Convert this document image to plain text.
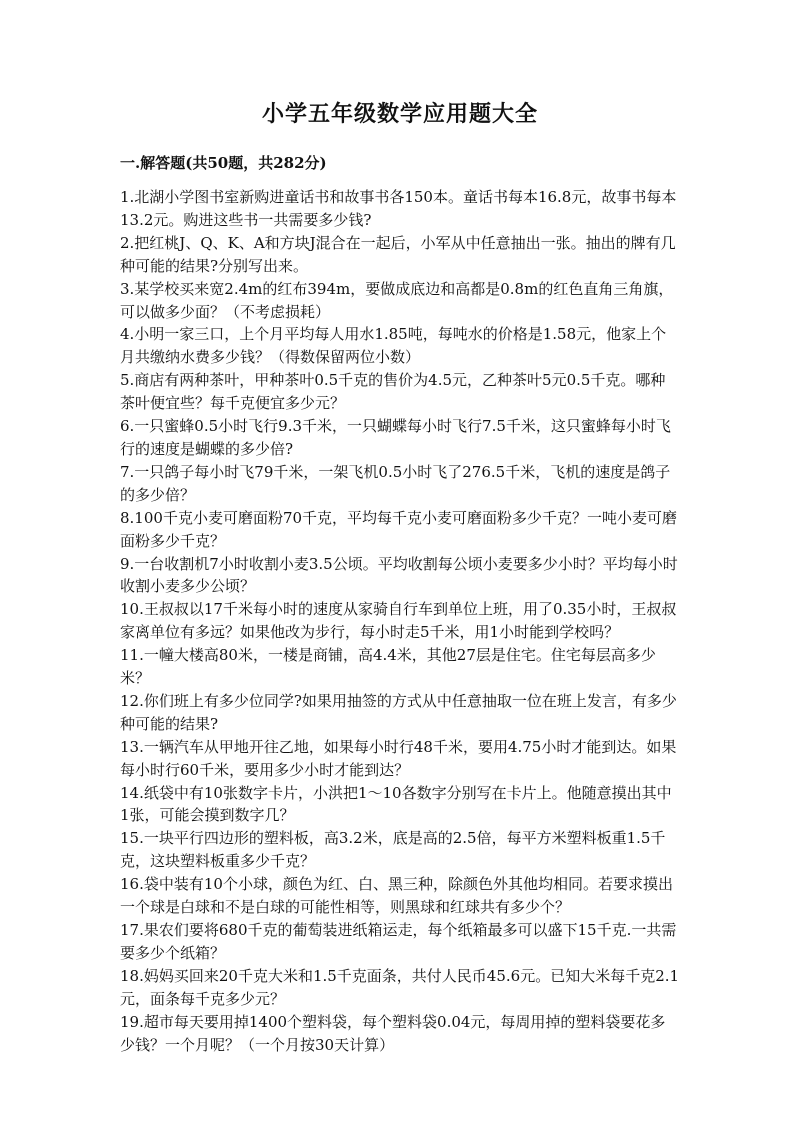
小学五年级数学应用题大全
一.解答题(共50题，共282分)
1.北湖小学图书室新购进童话书和故事书各150本。童话书每本16.8元，故事书每本13.2元。购进这些书一共需要多少钱?
2.把红桃J、Q、K、A和方块J混合在一起后，小军从中任意抽出一张。抽出的牌有几种可能的结果?分别写出来。
3.某学校买来宽2.4m的红布394m，要做成底边和高都是0.8m的红色直角三角旗，可以做多少面？（不考虑损耗）
4.小明一家三口，上个月平均每人用水1.85吨，每吨水的价格是1.58元，他家上个月共缴纳水费多少钱？（得数保留两位小数）
5.商店有两种茶叶，甲种茶叶0.5千克的售价为4.5元，乙种茶叶5元0.5千克。哪种茶叶便宜些？每千克便宜多少元？
6.一只蜜蜂0.5小时飞行9.3千米，一只蝴蝶每小时飞行7.5千米，这只蜜蜂每小时飞行的速度是蝴蝶的多少倍?
7.一只鸽子每小时飞79千米，一架飞机0.5小时飞了276.5千米，飞机的速度是鸽子的多少倍？
8.100千克小麦可磨面粉70千克，平均每千克小麦可磨面粉多少千克？一吨小麦可磨面粉多少千克？
9.一台收割机7小时收割小麦3.5公顷。平均收割每公顷小麦要多少小时？平均每小时收割小麦多少公顷？
10.王叔叔以17千米每小时的速度从家骑自行车到单位上班，用了0.35小时，王叔叔家离单位有多远？如果他改为步行，每小时走5千米，用1小时能到学校吗？
11.一幢大楼高80米，一楼是商铺，高4.4米，其他27层是住宅。住宅每层高多少米？
12.你们班上有多少位同学?如果用抽签的方式从中任意抽取一位在班上发言，有多少种可能的结果?
13.一辆汽车从甲地开往乙地，如果每小时行48千米，要用4.75小时才能到达。如果每小时行60千米，要用多少小时才能到达？
14.纸袋中有10张数字卡片，小洪把1～10各数字分别写在卡片上。他随意摸出其中1张，可能会摸到数字几？
15.一块平行四边形的塑料板，高3.2米，底是高的2.5倍，每平方米塑料板重1.5千克，这块塑料板重多少千克？
16.袋中装有10个小球，颜色为红、白、黑三种，除颜色外其他均相同。若要求摸出一个球是白球和不是白球的可能性相等，则黑球和红球共有多少个？
17.果农们要将680千克的葡萄装进纸箱运走，每个纸箱最多可以盛下15千克.一共需要多少个纸箱？
18.妈妈买回来20千克大米和1.5千克面条，共付人民币45.6元。已知大米每千克2.1元，面条每千克多少元？
19.超市每天要用掉1400个塑料袋，每个塑料袋0.04元，每周用掉的塑料袋要花多少钱？一个月呢？（一个月按30天计算）
